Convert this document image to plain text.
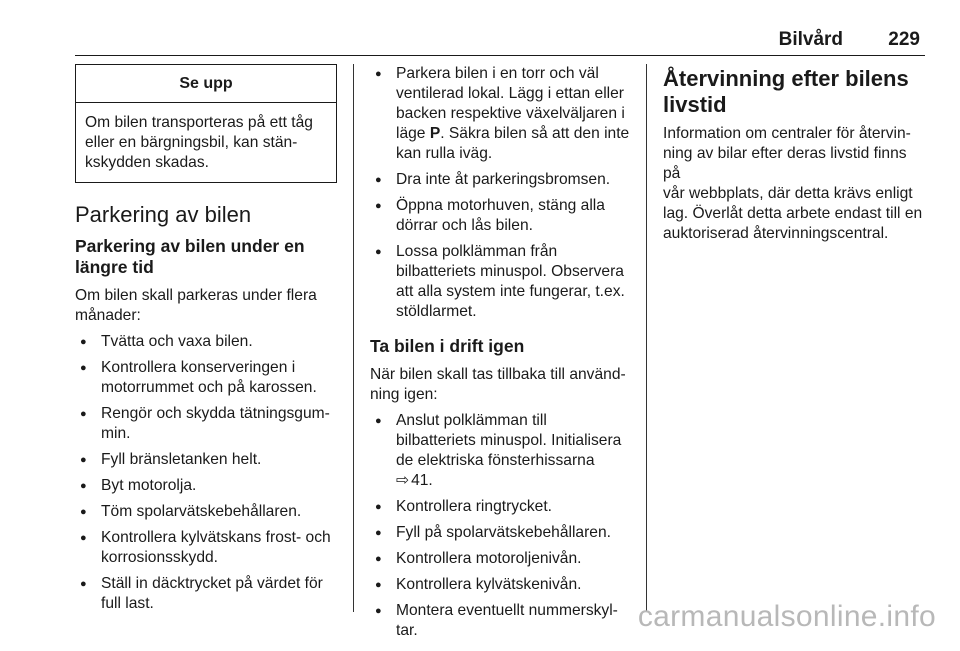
Bilvård 229
Se upp
Om bilen transporteras på ett tåg
eller en bärgningsbil, kan stän-
kskydden skadas.
Parkering av bilen
Parkering av bilen under en
längre tid

Om bilen skall parkeras under flera
månader:

● Tvätta och vaxa bilen.
● Kontrollera konserveringen i
motorrummet och på karossen.
● Rengör och skydda tätningsgum-
min.
● Fyll bränsletanken helt.
● Byt motorolja.
● Töm spolarvätskebehållaren.
● Kontrollera kylvätskans frost- och
korrosionsskydd.
● Ställ in däcktrycket på värdet för
full last.
● Parkera bilen i en torr och väl
ventilerad lokal. Lägg i ettan eller
backen respektive växelväljaren i
läge P. Säkra bilen så att den inte
kan rulla iväg.
● Dra inte åt parkeringsbromsen.
● Öppna motorhuven, stäng alla
dörrar och lås bilen.
● Lossa polklämman från
bilbatteriets minuspol. Observera
att alla system inte fungerar, t.ex.
stöldlarmet.
Ta bilen i drift igen

När bilen skall tas tillbaka till använd-
ning igen:

● Anslut polklämman till
bilbatteriets minuspol. Initialisera
de elektriska fönsterhissarna
⇨ 41.
● Kontrollera ringtrycket.
● Fyll på spolarvätskebehållaren.
● Kontrollera motoroljenivån.
● Kontrollera kylvätskenivån.
● Montera eventuellt nummerskyl-
tar.
Återvinning efter bilens
livstid

Information om centraler för återvin-
ning av bilar efter deras livstid finns på
vår webbplats, där detta krävs enligt
lag. Överlåt detta arbete endast till en
auktoriserad återvinningscentral.

carmanualsonline.info
